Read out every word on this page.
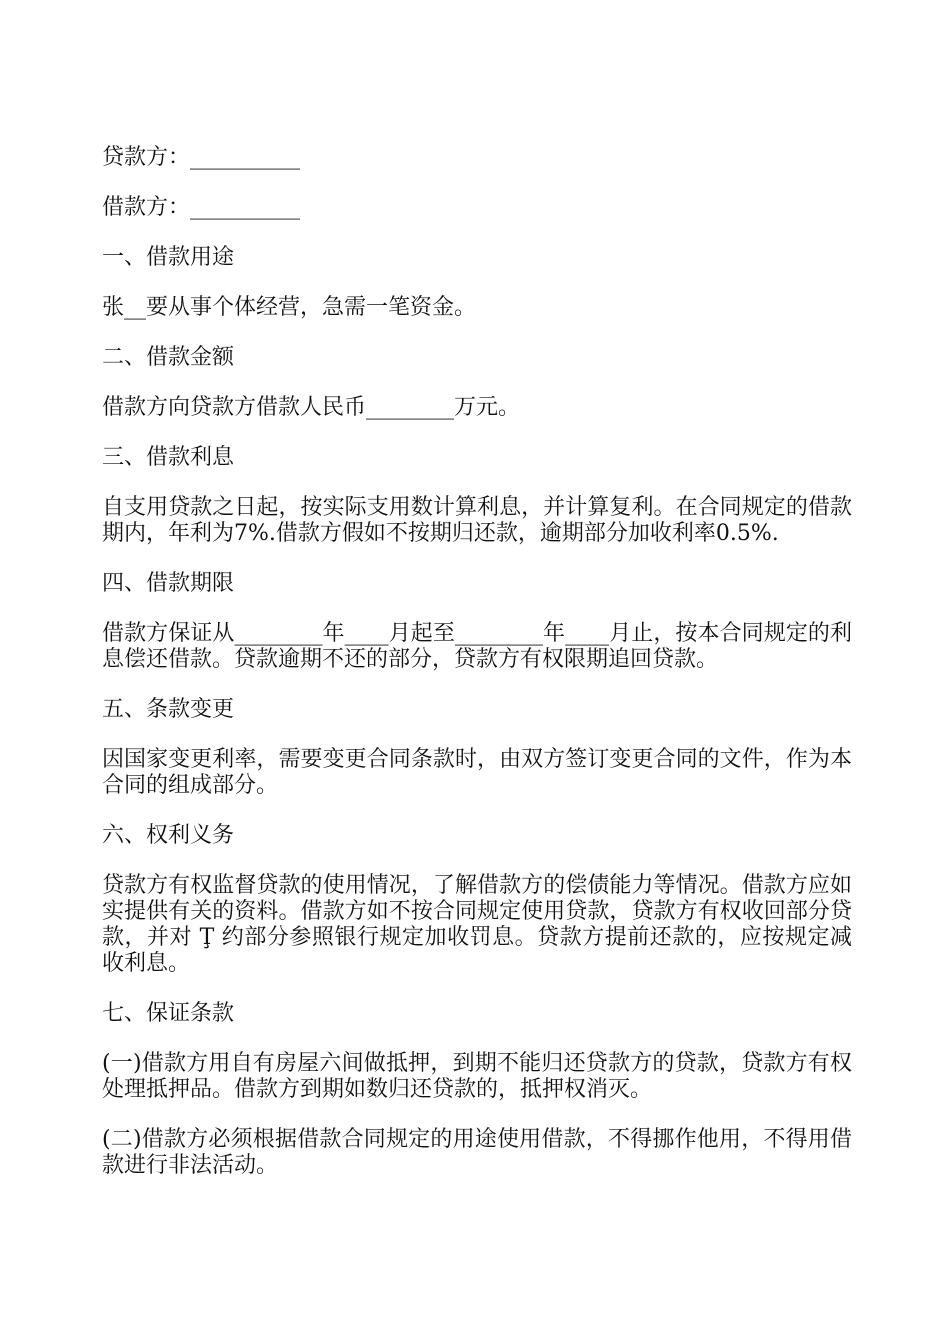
贷款方：__________
借款方：__________
一、借款用途
张__要从事个体经营，急需一笔资金。
二、借款金额
借款方向贷款方借款人民币________万元。
三、借款利息
自支用贷款之日起，按实际支用数计算利息，并计算复利。在合同规定的借款期内，年利为7%.借款方假如不按期归还款，逾期部分加收利率0.5%.
四、借款期限
借款方保证从________年____月起至________年____月止，按本合同规定的利息偿还借款。贷款逾期不还的部分，贷款方有权限期追回贷款。
五、条款变更
因国家变更利率，需要变更合同条款时，由双方签订变更合同的文件，作为本合同的组成部分。
六、权利义务
贷款方有权监督贷款的使用情况，了解借款方的偿债能力等情况。借款方应如实提供有关的资料。借款方如不按合同规定使用贷款，贷款方有权收回部分贷款，并对 Ţ 约部分参照银行规定加收罚息。贷款方提前还款的，应按规定减收利息。
七、保证条款
(一)借款方用自有房屋六间做抵押，到期不能归还贷款方的贷款，贷款方有权处理抵押品。借款方到期如数归还贷款的，抵押权消灭。
(二)借款方必须根据借款合同规定的用途使用借款，不得挪作他用，不得用借款进行非法活动。
